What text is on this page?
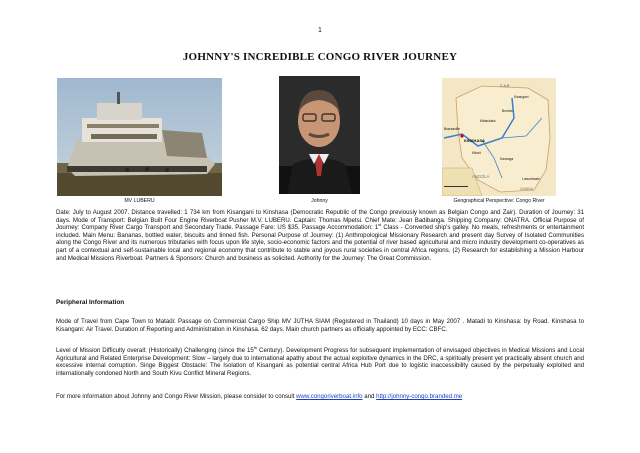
1
JOHNNY'S INCREDIBLE CONGO RIVER JOURNEY
MV LUBERU	Johnny
C.A.R.
Kisangani
Bumba
Mbandaka
Brazzaville
KINSHASA
Kikwit
Kananga
ANGOLA	Lubumbashi
ZAMBIA
Geographical Perspective: Congo River
Date: July to August 2007. Distance travelled: 1 734 km from Kisangani to Kinshasa (Democratic Republic of the Congo previously known as Belgian Congo and Zair). Duration of Journey: 31 days. Mode of Transport: Belgian Built Four Engine Riverboat Pusher M.V. LUBERU. Captain: Thomas Mpetsi. Chief Mate: Jean Badibanga. Shipping Company: ONATRA. Official Purpose of Journey: Company River Cargo Transport and Secondary Trade. Passage Fare: US $35. Passage Accommodation: 1st Class - Converted ship's galley. No meals, refreshments or entertainment included. Main Menu: Bananas, bottled water, biscuits and tinned fish. Personal Purpose of Journey: (1) Anthropological Missionary Research and present day Survey of Isolated Communities along the Congo River and its numerous tributaries with focus upon life style, socio-economic factors and the potential of river based agricultural and micro industry development co-operatives as part of a contextual and self-sustainable local and regional economy that contribute to stable and joyous rural societies in central Africa regions. (2) Research for establishing a Mission Harbour and Medical Missions Riverboat. Partners & Sponsors: Church and business as solicited. Authority for the Journey: The Great Commission.
Peripheral Information
Mode of Travel from Cape Town to Matadi: Passage on Commercial Cargo Ship MV JUTHA SIAM (Registered in Thailand) 10 days in May 2007 . Matadi to Kinshasa: by Road. Kinshasa to Kisangani: Air Travel. Duration of Reporting and Administration in Kinshasa. 62 days. Main church partners as officially appointed by ECC: CBFC.
Level of Mission Difficulty overall: (Historically) Challenging (since the 15th Century). Development Progress for subsequent implementation of envisaged objectives in Medical Missions and Local Agricultural and Related Enterprise Development: Slow – largely due to international apathy about the actual exploitive dynamics in the DRC, a spiritually present yet practically absent church and excessive internal corruption. Singe Biggest Obstacle: The Isolation of Kisangani as potential central Africa Hub Port due to logistic inaccessibility caused by the perpetually exploited and internationally condoned North and South Kivu Conflict Mineral Regions.
For more information about Johnny and Congo River Mission, please consider to consult www.congoriverboat.info and http://johnny-congo.branded.me
